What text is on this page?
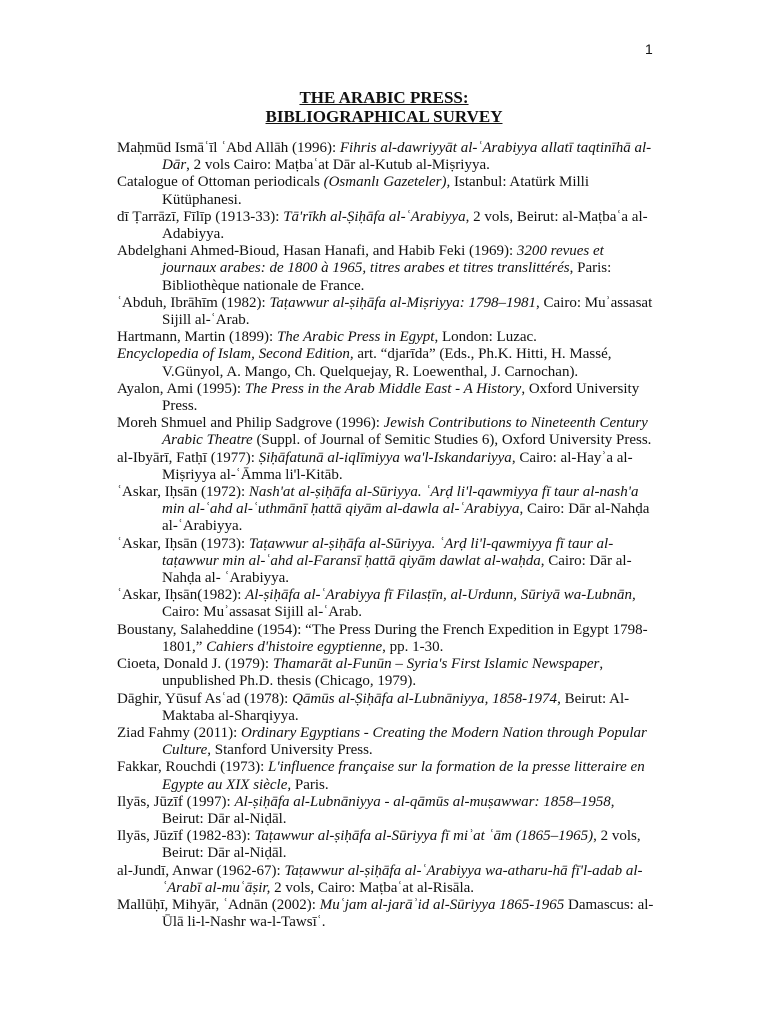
1
THE ARABIC PRESS:
BIBLIOGRAPHICAL SURVEY

Maḥmūd Ismāʿīl ʿAbd Allāh (1996): Fihris al-dawriyyāt al-ʿArabiyya allatī taqtinīhā al-Dār, 2 vols Cairo: Maṭbaʿat Dār al-Kutub al-Miṣriyya.

Catalogue of Ottoman periodicals (Osmanlı Gazeteler), Istanbul: Atatürk Milli Kütüphanesi.

dī Ṭarrāzī, Fīlīp (1913-33): Tā'rīkh al-Ṣiḥāfa al-ʿArabiyya, 2 vols, Beirut: al-Maṭbaʿa al-Adabiyya.

Abdelghani Ahmed-Bioud, Hasan Hanafi, and Habib Feki (1969): 3200 revues et journaux arabes: de 1800 à 1965, titres arabes et titres translittérés, Paris: Bibliothèque nationale de France.

ʿAbduh, Ibrāhīm (1982): Taṭawwur al-ṣiḥāfa al-Miṣriyya: 1798–1981, Cairo: Muʾassasat Sijill al-ʿArab.

Hartmann, Martin (1899): The Arabic Press in Egypt, London: Luzac.

Encyclopedia of Islam, Second Edition, art. “djarīda” (Eds., Ph.K. Hitti, H. Massé, V.Günyol, A. Mango, Ch. Quelquejay, R. Loewenthal, J. Carnochan).

Ayalon, Ami (1995): The Press in the Arab Middle East - A History, Oxford University Press.

Moreh Shmuel and Philip Sadgrove (1996): Jewish Contributions to Nineteenth Century Arabic Theatre (Suppl. of Journal of Semitic Studies 6), Oxford University Press.

al-Ibyārī, Fatḥī (1977): Ṣiḥāfatunā al-iqlīmiyya wa'l-Iskandariyya, Cairo: al-Hayʾa al-Miṣriyya al-ʿĀmma li'l-Kitāb.

ʿAskar, Iḥsān (1972): Nash'at al-ṣiḥāfa al-Sūriyya. ʿArḍ li'l-qawmiyya fī taur al-nash'a min al-ʿahd al-ʿuthmānī ḥattā qiyām al-dawla al-ʿArabiyya, Cairo: Dār al-Nahḍa al-ʿArabiyya.

ʿAskar, Iḥsān (1973): Taṭawwur al-ṣiḥāfa al-Sūriyya. ʿArḍ li'l-qawmiyya fī taur al-taṭawwur min al-ʿahd al-Faransī ḥattā qiyām dawlat al-waḥda, Cairo: Dār al-Nahḍa al- ʿArabiyya.

ʿAskar, Iḥsān(1982): Al-ṣiḥāfa al-ʿArabiyya fī Filasṭīn, al-Urdunn, Sūriyā wa-Lubnān, Cairo: Muʾassasat Sijill al-ʿArab.

Boustany, Salaheddine (1954): “The Press During the French Expedition in Egypt 1798-1801,” Cahiers d'histoire egyptienne, pp. 1-30.

Cioeta, Donald J. (1979): Thamarāt al-Funūn – Syria's First Islamic Newspaper, unpublished Ph.D. thesis (Chicago, 1979).

Dāghir, Yūsuf Asʿad (1978): Qāmūs al-Ṣiḥāfa al-Lubnāniyya, 1858-1974, Beirut: Al-Maktaba al-Sharqiyya.

Ziad Fahmy (2011): Ordinary Egyptians - Creating the Modern Nation through Popular Culture, Stanford University Press.

Fakkar, Rouchdi (1973): L'influence française sur la formation de la presse litteraire en Egypte au XIX siècle, Paris.

Ilyās, Jūzīf (1997): Al-ṣiḥāfa al-Lubnāniyya - al-qāmūs al-muṣawwar: 1858–1958, Beirut: Dār al-Niḍāl.

Ilyās, Jūzīf (1982-83): Taṭawwur al-ṣiḥāfa al-Sūriyya fī miʾat ʿām (1865–1965), 2 vols, Beirut: Dār al-Niḍāl.

al-Jundī, Anwar (1962-67): Taṭawwur al-ṣiḥāfa al-ʿArabiyya wa-atharu-hā fī'l-adab al-ʿArabī al-muʿāṣir, 2 vols, Cairo: Maṭbaʿat al-Risāla.

Mallūḥī, Mihyār, ʿAdnān (2002): Muʿjam al-jarāʾid al-Sūriyya 1865-1965 Damascus: al-Ūlā li-l-Nashr wa-l-Tawsīʿ.
